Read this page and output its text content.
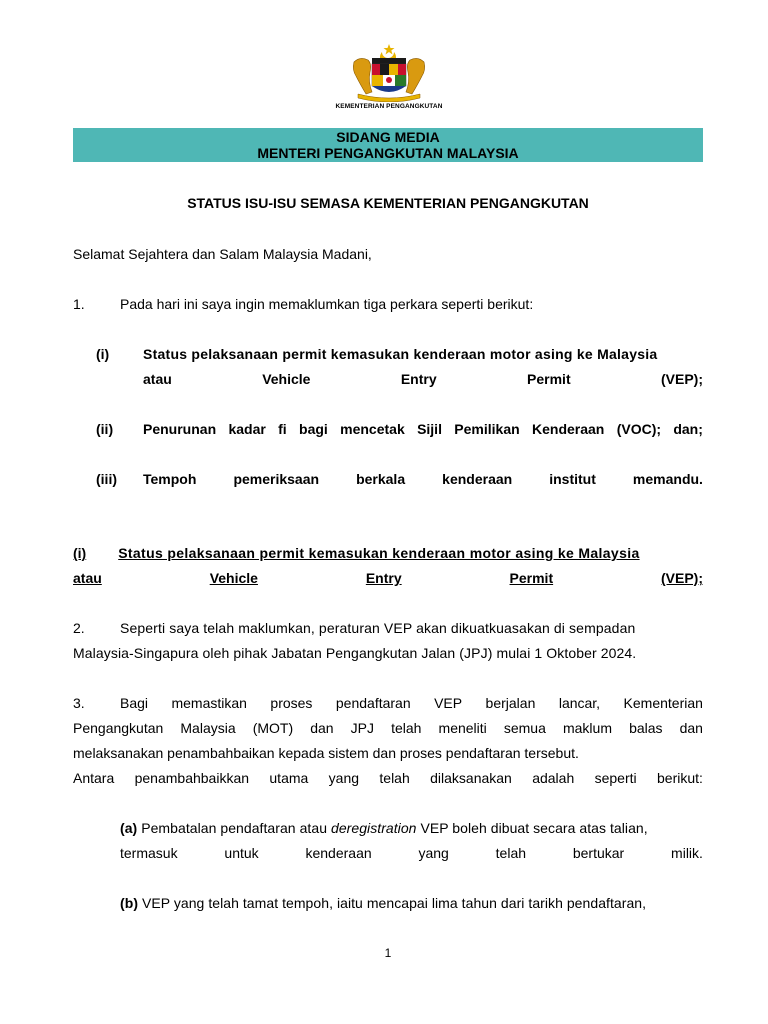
KEMENTERIAN PENGANGKUTAN
SIDANG MEDIA
MENTERI PENGANGKUTAN MALAYSIA
STATUS ISU-ISU SEMASA KEMENTERIAN PENGANGKUTAN
Selamat Sejahtera dan Salam Malaysia Madani,
1.	Pada hari ini saya ingin memaklumkan tiga perkara seperti berikut:
(i) Status pelaksanaan permit kemasukan kenderaan motor asing ke Malaysia
atau	Vehicle	Entry	Permit	(VEP);
(ii) Penurunan kadar fi bagi mencetak Sijil Pemilikan Kenderaan (VOC); dan;
(iii) Tempoh	pemeriksaan	berkala	kenderaan	institut	memandu.
(i) Status pelaksanaan permit kemasukan kenderaan motor asing ke Malaysia
atau	Vehicle	Entry	Permit	(VEP);
2.	Seperti saya telah maklumkan, peraturan VEP akan dikuatkuasakan di sempadan
Malaysia-Singapura oleh pihak Jabatan Pengangkutan Jalan (JPJ) mulai 1 Oktober 2024.
3.	Bagi memastikan proses pendaftaran VEP berjalan lancar, Kementerian
Pengangkutan Malaysia (MOT) dan JPJ telah meneliti semua maklum balas dan
melaksanakan penambahbaikan kepada sistem dan proses pendaftaran tersebut.
Antara penambahbaikkan utama yang telah dilaksanakan adalah seperti berikut:
(a) Pembatalan pendaftaran atau deregistration VEP boleh dibuat secara atas talian,
termasuk	untuk	kenderaan	yang	telah	bertukar	milik.
(b) VEP yang telah tamat tempoh, iaitu mencapai lima tahun dari tarikh pendaftaran,
1
